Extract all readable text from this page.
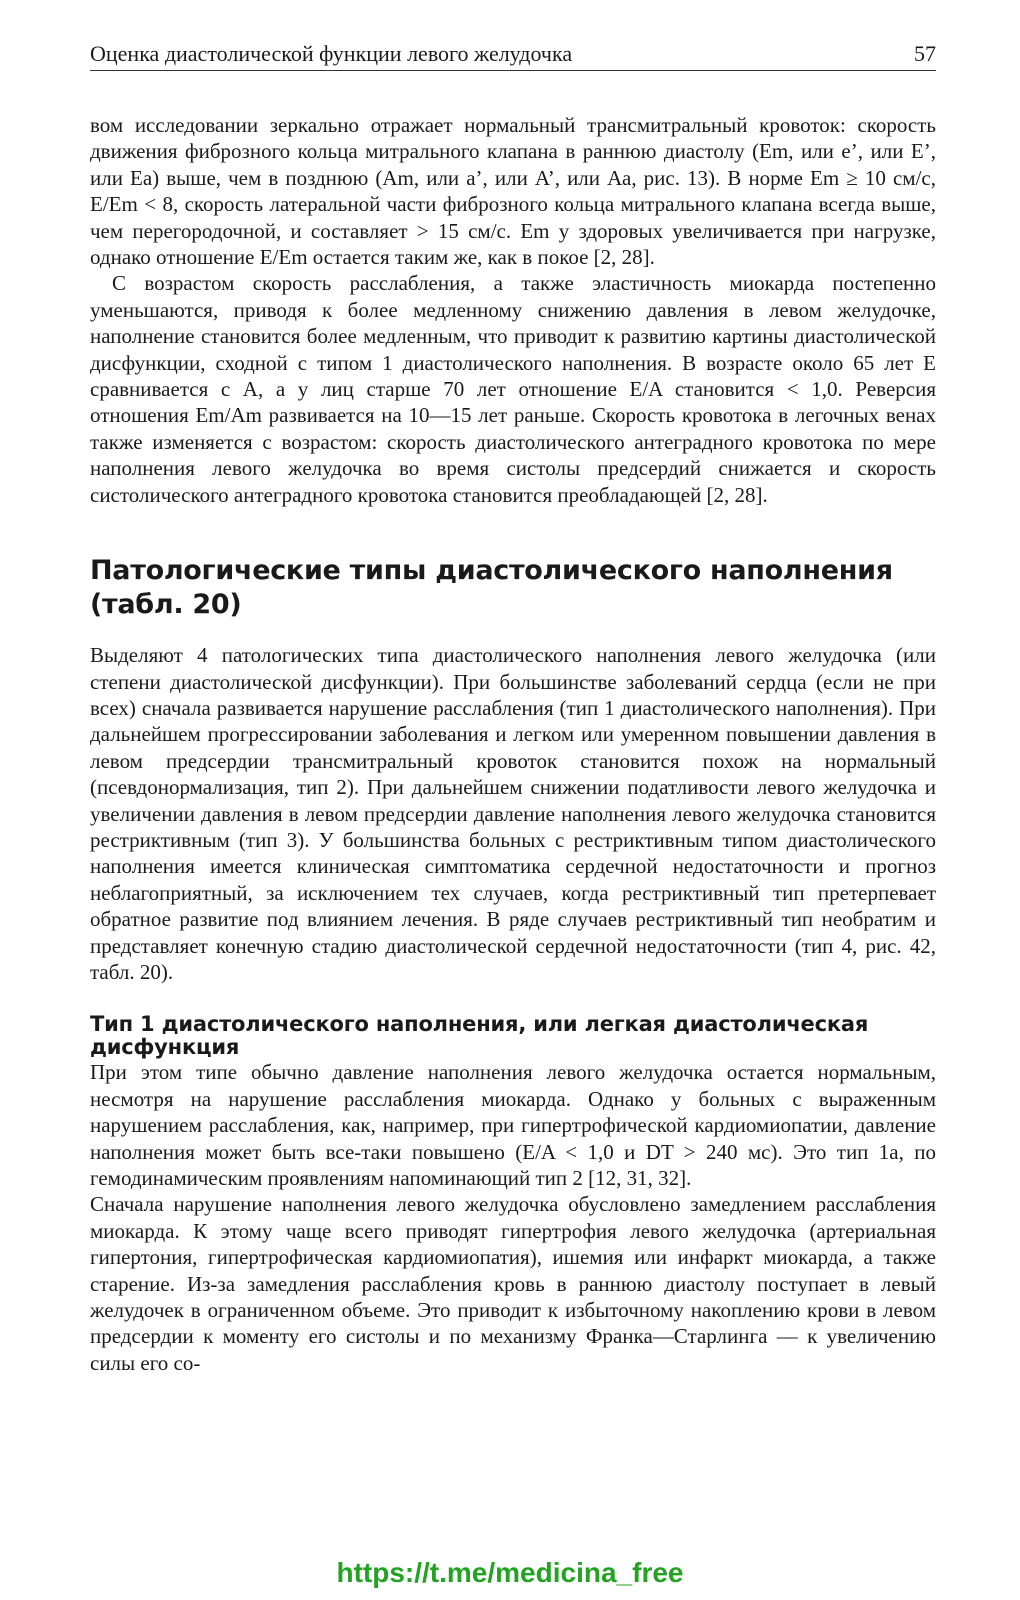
Оценка диастолической функции левого желудочка	57

вом исследовании зеркально отражает нормальный трансмитральный кровоток: скорость движения фиброзного кольца митрального клапана в раннюю диастолу (Em, или е’, или E’, или Еа) выше, чем в позднюю (Am, или а’, или A’, или Аа, рис. 13). В норме Em ≥ 10 см/с, E/Em < 8, скорость латеральной части фиброзного кольца митрального клапана всегда выше, чем перегородочной, и составляет > 15 см/с. Em у здоровых увеличивается при нагрузке, однако отношение E/Em остается таким же, как в покое [2, 28].

С возрастом скорость расслабления, а также эластичность миокарда постепенно уменьшаются, приводя к более медленному снижению давления в левом желудочке, наполнение становится более медленным, что приводит к развитию картины диастолической дисфункции, сходной с типом 1 диастолического наполнения. В возрасте около 65 лет E сравнивается с A, а у лиц старше 70 лет отношение E/A становится < 1,0. Реверсия отношения Em/Am развивается на 10—15 лет раньше. Скорость кровотока в легочных венах также изменяется с возрастом: скорость диастолического антеградного кровотока по мере наполнения левого желудочка во время систолы предсердий снижается и скорость систолического антеградного кровотока становится преобладающей [2, 28].

Патологические типы диастолического наполнения
(табл. 20)

Выделяют 4 патологических типа диастолического наполнения левого желудочка (или степени диастолической дисфункции). При большинстве заболеваний сердца (если не при всех) сначала развивается нарушение расслабления (тип 1 диастолического наполнения). При дальнейшем прогрессировании заболевания и легком или умеренном повышении давления в левом предсердии трансмитральный кровоток становится похож на нормальный (псевдонормализация, тип 2). При дальнейшем снижении податливости левого желудочка и увеличении давления в левом предсердии давление наполнения левого желудочка становится рестриктивным (тип 3). У большинства больных с рестриктивным типом диастолического наполнения имеется клиническая симптоматика сердечной недостаточности и прогноз неблагоприятный, за исключением тех случаев, когда рестриктивный тип претерпевает обратное развитие под влиянием лечения. В ряде случаев рестриктивный тип необратим и представляет конечную стадию диастолической сердечной недостаточности (тип 4, рис. 42, табл. 20).

Тип 1 диастолического наполнения, или легкая диастолическая дисфункция

При этом типе обычно давление наполнения левого желудочка остается нормальным, несмотря на нарушение расслабления миокарда. Однако у больных с выраженным нарушением расслабления, как, например, при гипертрофической кардиомиопатии, давление наполнения может быть все-таки повышено (E/A < 1,0 и DT > 240 мс). Это тип 1а, по гемодинамическим проявлениям напоминающий тип 2 [12, 31, 32].

Сначала нарушение наполнения левого желудочка обусловлено замедлением расслабления миокарда. К этому чаще всего приводят гипертрофия левого желудочка (артериальная гипертония, гипертрофическая кардиомиопатия), ишемия или инфаркт миокарда, а также старение. Из-за замедления расслабления кровь в раннюю диастолу поступает в левый желудочек в ограниченном объеме. Это приводит к избыточному накоплению крови в левом предсердии к моменту его систолы и по механизму Франка—Старлинга — к увеличению силы его со-

https://t.me/medicina_free
